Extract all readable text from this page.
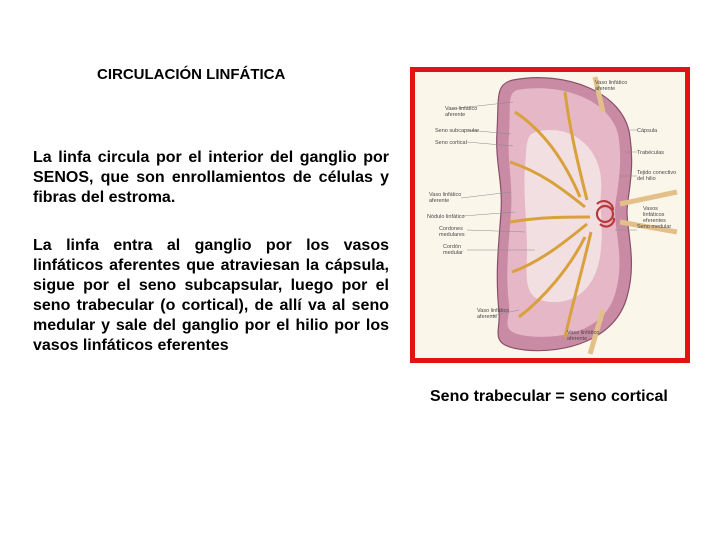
CIRCULACIÓN LINFÁTICA

La linfa circula por el interior del ganglio por SENOS, que son enrollamientos de células y fibras del estroma.

La linfa entra al ganglio por los vasos linfáticos aferentes que atraviesan la cápsula, sigue por el seno subcapsular, luego por el seno trabecular (o cortical), de allí va al seno medular y sale del ganglio por el hilio por los vasos linfáticos eferentes

Vaso linfático aferente
Vaso linfático aferente
Seno subcapsular
Seno cortical
Vaso linfático aferente
Nódulo linfático
Cordones medulares
Cordón medular
Vaso linfático aferente
Vaso linfático aferente
Cápsula
Trabéculas
Tejido conectivo del hilio
Seno medular
Vasos linfáticos eferentes
Seno trabecular = seno cortical
